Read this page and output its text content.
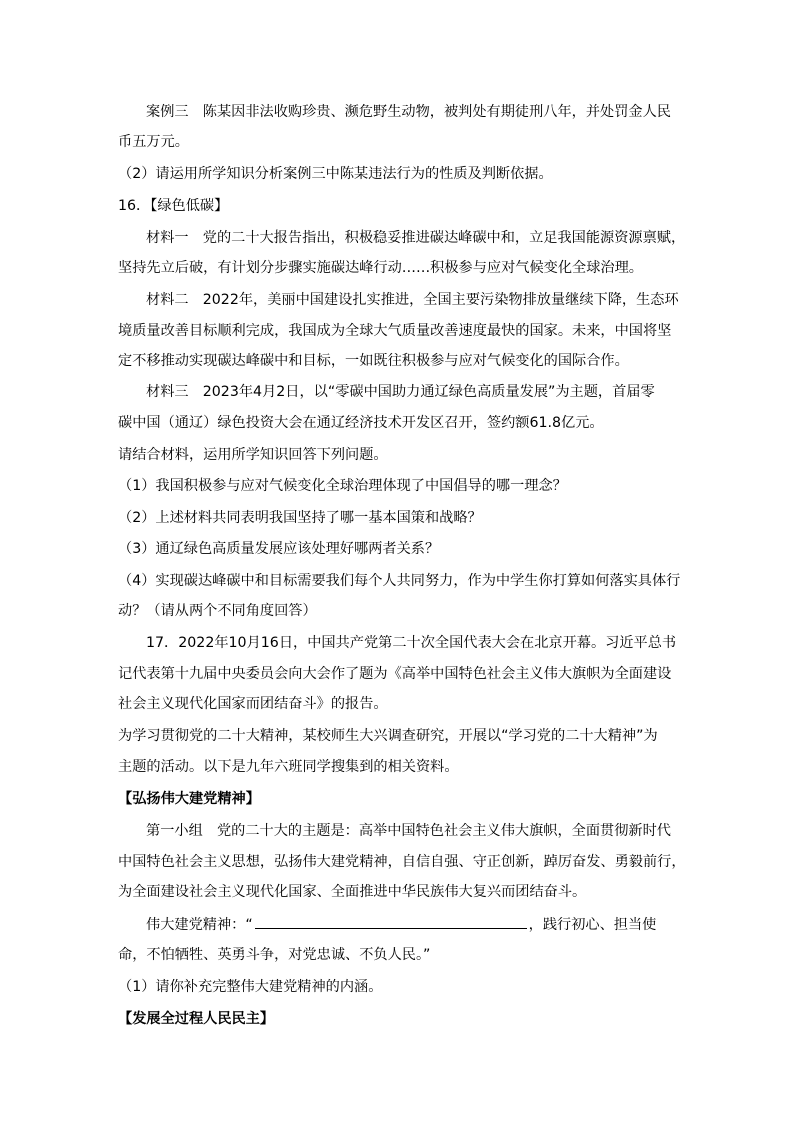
案例三　陈某因非法收购珍贵、濒危野生动物，被判处有期徒刑八年，并处罚金人民
币五万元。
（2）请运用所学知识分析案例三中陈某违法行为的性质及判断依据。
16．【绿色低碳】
材料一　党的二十大报告指出，积极稳妥推进碳达峰碳中和，立足我国能源资源禀赋，
坚持先立后破，有计划分步骤实施碳达峰行动……积极参与应对气候变化全球治理。
材料二　2022年，美丽中国建设扎实推进，全国主要污染物排放量继续下降，生态环
境质量改善目标顺利完成，我国成为全球大气质量改善速度最快的国家。未来，中国将坚
定不移推动实现碳达峰碳中和目标，一如既往积极参与应对气候变化的国际合作。
材料三　2023年4月2日，以“零碳中国助力通辽绿色高质量发展”为主题，首届零
碳中国（通辽）绿色投资大会在通辽经济技术开发区召开，签约额61.8亿元。
请结合材料，运用所学知识回答下列问题。
（1）我国积极参与应对气候变化全球治理体现了中国倡导的哪一理念？
（2）上述材料共同表明我国坚持了哪一基本国策和战略？
（3）通辽绿色高质量发展应该处理好哪两者关系？
（4）实现碳达峰碳中和目标需要我们每个人共同努力，作为中学生你打算如何落实具体行
动？（请从两个不同角度回答）
17．2022年10月16日，中国共产党第二十次全国代表大会在北京开幕。习近平总书
记代表第十九届中央委员会向大会作了题为《高举中国特色社会主义伟大旗帜为全面建设
社会主义现代化国家而团结奋斗》的报告。
为学习贯彻党的二十大精神，某校师生大兴调查研究，开展以“学习党的二十大精神”为
主题的活动。以下是九年六班同学搜集到的相关资料。
【弘扬伟大建党精神】
第一小组　党的二十大的主题是：高举中国特色社会主义伟大旗帜，全面贯彻新时代
中国特色社会主义思想，弘扬伟大建党精神，自信自强、守正创新，踔厉奋发、勇毅前行，
为全面建设社会主义现代化国家、全面推进中华民族伟大复兴而团结奋斗。
伟大建党精神：“	，践行初心、担当使
命，不怕牺牲、英勇斗争，对党忠诚、不负人民。”
（1）请你补充完整伟大建党精神的内涵。
【发展全过程人民民主】
